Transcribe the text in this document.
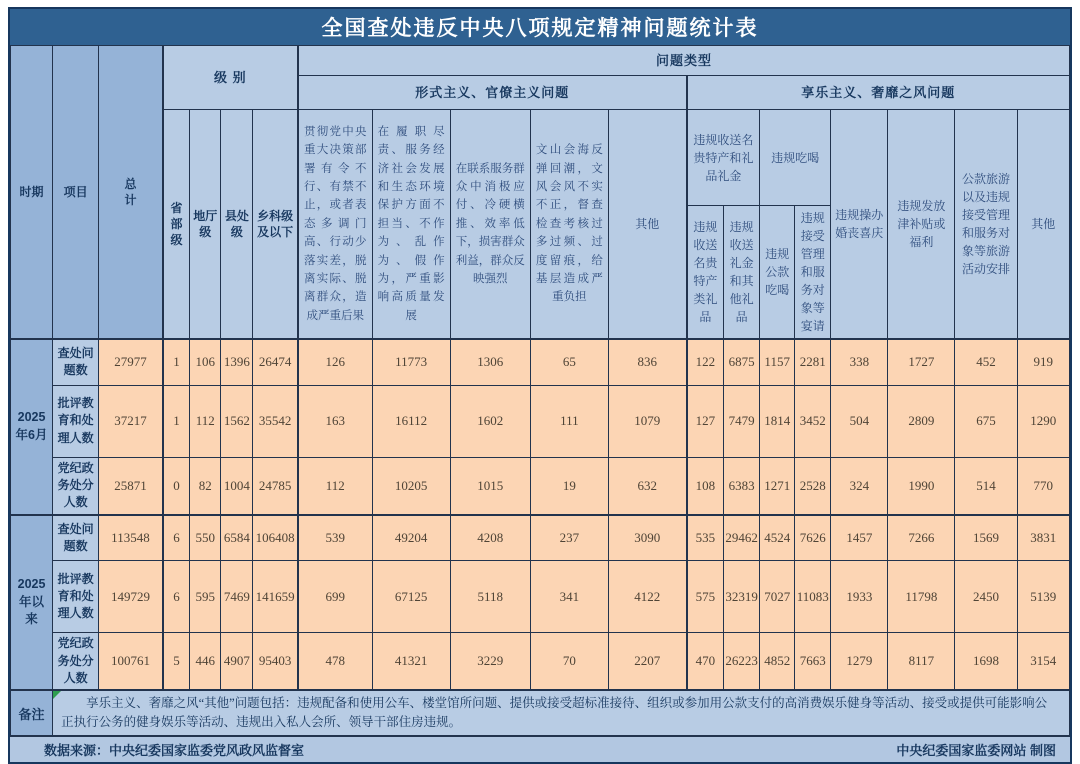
全国查处违反中央八项规定精神问题统计表
时期	项目	总计	级 别				问题类型												
							形式主义、官僚主义问题					享乐主义、奢靡之风问题							
			省部级	地厅级	县处级	乡科级及以下	贯彻党中央重大决策部署有令不行、有禁不止，或者表态多调门高、行动少落实差，脱离实际、脱离群众，造成严重后果	在履职尽责、服务经济社会发展和生态环境保护方面不担当、不作为、乱作为、假作为，严重影响高质量发展	在联系服务群众中消极应付、冷硬横推、效率低下，损害群众利益，群众反映强烈	文山会海反弹回潮，文风会风不实不正，督查检查考核过多过频、过度留痕，给基层造成严重负担	其他	违规收送名贵特产和礼品礼金		违规吃喝		违规操办婚丧喜庆	违规发放津补贴或福利	公款旅游以及违规接受管理和服务对象等旅游活动安排	其他
												违规收送名贵特产类礼品	违规收送礼金和其他礼品	违规公款吃喝	违规接受管理和服务对象等宴请				
2025年6月	查处问题数	27977	1	106	1396	26474	126	11773	1306	65	836	122	6875	1157	2281	338	1727	452	919
	批评教育和处理人数	37217	1	112	1562	35542	163	16112	1602	111	1079	127	7479	1814	3452	504	2809	675	1290
	党纪政务处分人数	25871	0	82	1004	24785	112	10205	1015	19	632	108	6383	1271	2528	324	1990	514	770
2025年以来	查处问题数	113548	6	550	6584	106408	539	49204	4208	237	3090	535	29462	4524	7626	1457	7266	1569	3831
	批评教育和处理人数	149729	6	595	7469	141659	699	67125	5118	341	4122	575	32319	7027	11083	1933	11798	2450	5139
	党纪政务处分人数	100761	5	446	4907	95403	478	41321	3229	70	2207	470	26223	4852	7663	1279	8117	1698	3154
备注	享乐主义、奢靡之风“其他”问题包括：违规配备和使用公车、楼堂馆所问题、提供或接受超标准接待、组织或参加用公款支付的高消费娱乐健身等活动、接受或提供可能影响公正执行公务的健身娱乐等活动、违规出入私人会所、领导干部住房违规。																		
数据来源：中央纪委国家监委党风政风监督室	中央纪委国家监委网站 制图
